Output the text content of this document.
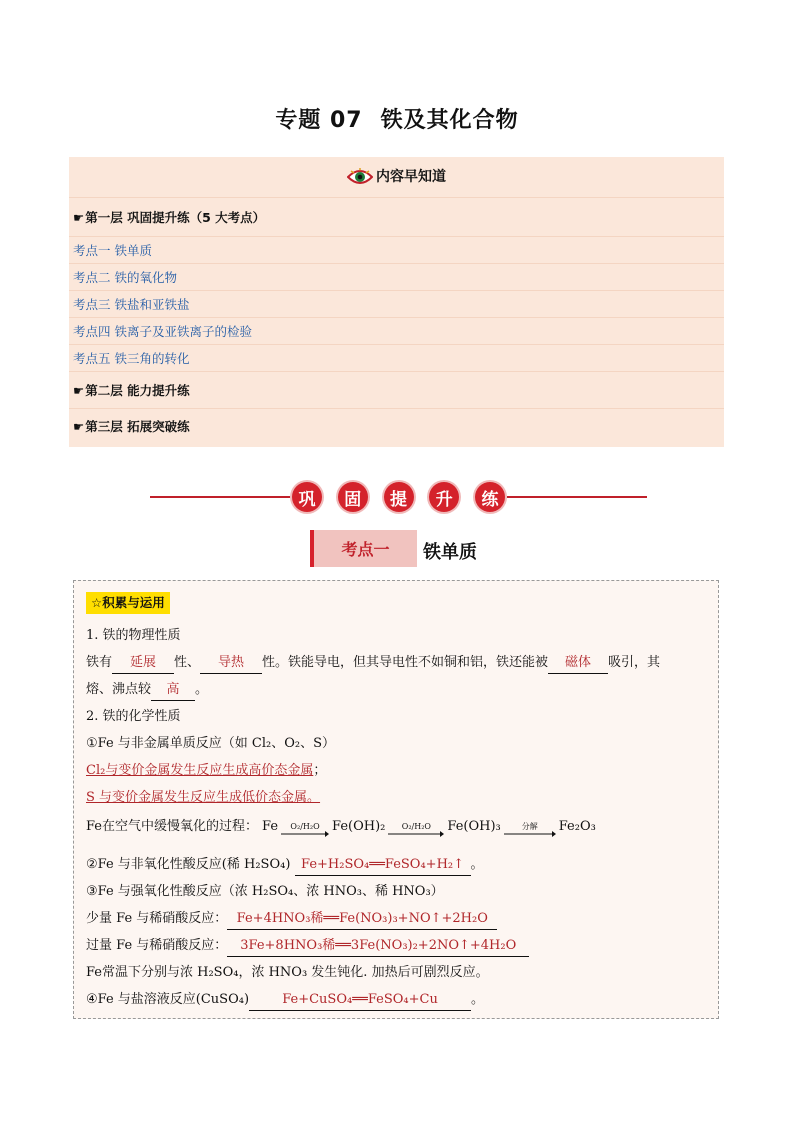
专题 07 铁及其化合物
内容早知道
☛第一层 巩固提升练（5 大考点）
考点一 铁单质
考点二 铁的氧化物
考点三 铁盐和亚铁盐
考点四 铁离子及亚铁离子的检验
考点五 铁三角的转化
☛第二层 能力提升练
☛第三层 拓展突破练
巩	固	提	升	练
考点一	铁单质
☆积累与运用
1. 铁的物理性质
铁有 延展 性、 导热 性。铁能导电，但其导电性不如铜和铝，铁还能被 磁体 吸引，其
熔、沸点较 高 。
2. 铁的化学性质
①Fe 与非金属单质反应（如 Cl₂、O₂、S）
Cl₂与变价金属发生反应生成高价态金属；
S 与变价金属发生反应生成低价态金属。
Fe在空气中缓慢氧化的过程： Fe O₂/H₂O Fe(OH)₂ O₂/H₂O Fe(OH)₃	分解 Fe₂O₃
②Fe 与非氧化性酸反应(稀 H₂SO₄) Fe+H₂SO₄══FeSO₄+H₂↑ 。
③Fe 与强氧化性酸反应（浓 H₂SO₄、浓 HNO₃、稀 HNO₃）
少量 Fe 与稀硝酸反应： Fe+4HNO₃稀══Fe(NO₃)₃+NO↑+2H₂O
过量 Fe 与稀硝酸反应： 3Fe+8HNO₃稀══3Fe(NO₃)₂+2NO↑+4H₂O
Fe常温下分别与浓 H₂SO₄，浓 HNO₃ 发生钝化. 加热后可剧烈反应。
④Fe 与盐溶液反应(CuSO₄)	Fe+CuSO₄══FeSO₄+Cu	。
